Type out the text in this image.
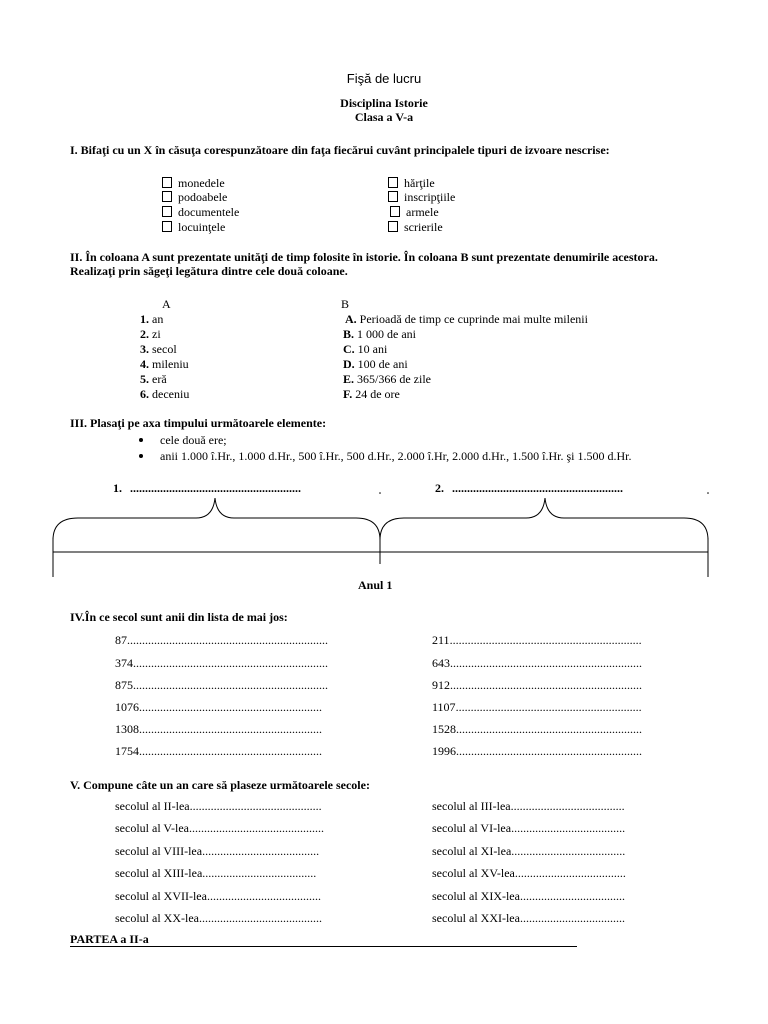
Fişă de lucru
Disciplina Istorie
Clasa a V-a
I. Bifaţi cu un X în căsuţa corespunzătoare din faţa fiecărui cuvânt principalele tipuri de izvoare nescrise:
monedele
podoabele
documentele
locuinţele
hărţile
inscripţiile
armele
scrierile
II. În coloana A sunt prezentate unităţi de timp folosite în istorie. În coloana B sunt prezentate denumirile acestora.
Realizaţi prin săgeţi legătura dintre cele două coloane.
A	B
1. an
2. zi
3. secol
4. mileniu
5. eră
6. deceniu
A. Perioadă de timp ce cuprinde mai multe milenii
B. 1 000 de ani
C. 10 ani
D. 100 de ani
E. 365/366 de zile
F. 24 de ore
III. Plasaţi pe axa timpului următoarele elemente:
cele două ere;
anii 1.000 î.Hr., 1.000 d.Hr., 500 î.Hr., 500 d.Hr., 2.000 î.Hr, 2.000 d.Hr., 1.500 î.Hr. şi 1.500 d.Hr.
1. .........................................................	2. .........................................................
Anul 1
IV.În ce secol sunt anii din lista de mai jos:
87...................................................................
374.................................................................
875.................................................................
1076.............................................................
1308.............................................................
1754.............................................................
211................................................................
643................................................................
912................................................................
1107..............................................................
1528..............................................................
1996..............................................................
V. Compune câte un an care să plaseze următoarele secole:
secolul al II-lea............................................
secolul al V-lea.............................................
secolul al VIII-lea.......................................
secolul al XIII-lea......................................
secolul al XVII-lea......................................
secolul al XX-lea.........................................
secolul al III-lea......................................
secolul al VI-lea......................................
secolul al XI-lea......................................
secolul al XV-lea.....................................
secolul al XIX-lea...................................
secolul al XXI-lea...................................
PARTEA a II-a
